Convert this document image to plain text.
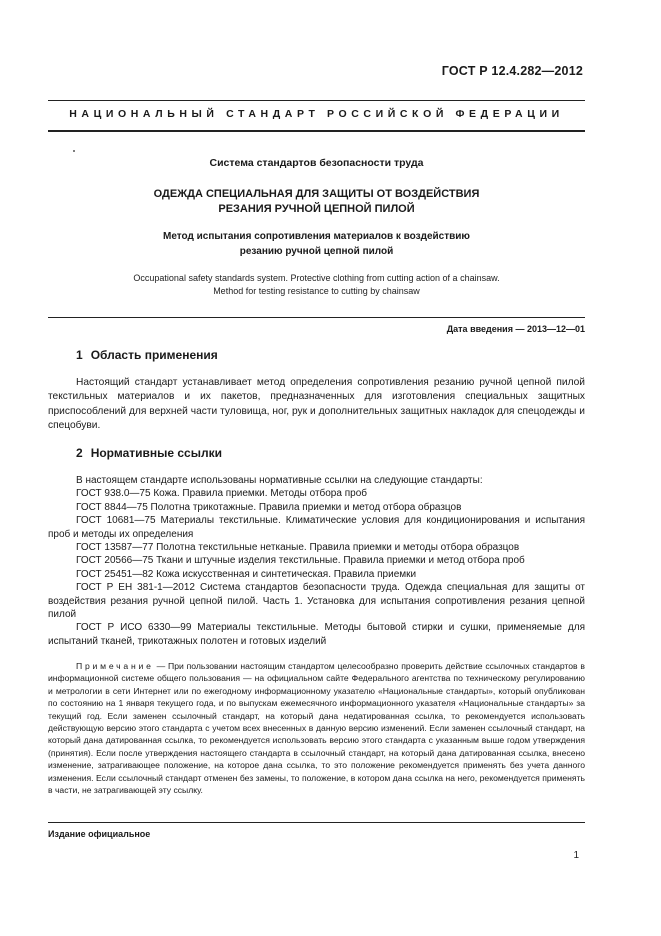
ГОСТ Р 12.4.282—2012
НАЦИОНАЛЬНЫЙ СТАНДАРТ РОССИЙСКОЙ ФЕДЕРАЦИИ
Система стандартов безопасности труда
ОДЕЖДА СПЕЦИАЛЬНАЯ ДЛЯ ЗАЩИТЫ ОТ ВОЗДЕЙСТВИЯ
РЕЗАНИЯ РУЧНОЙ ЦЕПНОЙ ПИЛОЙ
Метод испытания сопротивления материалов к воздействию
резанию ручной цепной пилой
Occupational safety standards system. Protective clothing from cutting action of a chainsaw.
Method for testing resistance to cutting by chainsaw
Дата введения — 2013—12—01
1 Область применения

Настоящий стандарт устанавливает метод определения сопротивления резанию ручной цепной пилой текстильных материалов и их пакетов, предназначенных для изготовления специальных защитных приспособлений для верхней части туловища, ног, рук и дополнительных защитных накладок для спецодежды и спецобуви.

2 Нормативные ссылки

В настоящем стандарте использованы нормативные ссылки на следующие стандарты:

ГОСТ 938.0—75 Кожа. Правила приемки. Методы отбора проб

ГОСТ 8844—75 Полотна трикотажные. Правила приемки и метод отбора образцов

ГОСТ 10681—75 Материалы текстильные. Климатические условия для кондиционирования и испытания проб и методы их определения

ГОСТ 13587—77 Полотна текстильные нетканые. Правила приемки и методы отбора образцов

ГОСТ 20566—75 Ткани и штучные изделия текстильные. Правила приемки и метод отбора проб

ГОСТ 25451—82 Кожа искусственная и синтетическая. Правила приемки

ГОСТ Р ЕН 381-1—2012 Система стандартов безопасности труда. Одежда специальная для защиты от воздействия резания ручной цепной пилой. Часть 1. Установка для испытания сопротивления резания цепной пилой

ГОСТ Р ИСО 6330—99 Материалы текстильные. Методы бытовой стирки и сушки, применяемые для испытаний тканей, трикотажных полотен и готовых изделий

Примечание — При пользовании настоящим стандартом целесообразно проверить действие ссылочных стандартов в информационной системе общего пользования — на официальном сайте Федерального агентства по техническому регулированию и метрологии в сети Интернет или по ежегодному информационному указателю «Национальные стандарты», который опубликован по состоянию на 1 января текущего года, и по выпускам ежемесячного информационного указателя «Национальные стандарты» за текущий год. Если заменен ссылочный стандарт, на который дана недатированная ссылка, то рекомендуется использовать действующую версию этого стандарта с учетом всех внесенных в данную версию изменений. Если заменен ссылочный стандарт, на который дана датированная ссылка, то рекомендуется использовать версию этого стандарта с указанным выше годом утверждения (принятия). Если после утверждения настоящего стандарта в ссылочный стандарт, на который дана датированная ссылка, внесено изменение, затрагивающее положение, на которое дана ссылка, то это положение рекомендуется применять без учета данного изменения. Если ссылочный стандарт отменен без замены, то положение, в котором дана ссылка на него, рекомендуется применять в части, не затрагивающей эту ссылку.

Издание официальное
1
